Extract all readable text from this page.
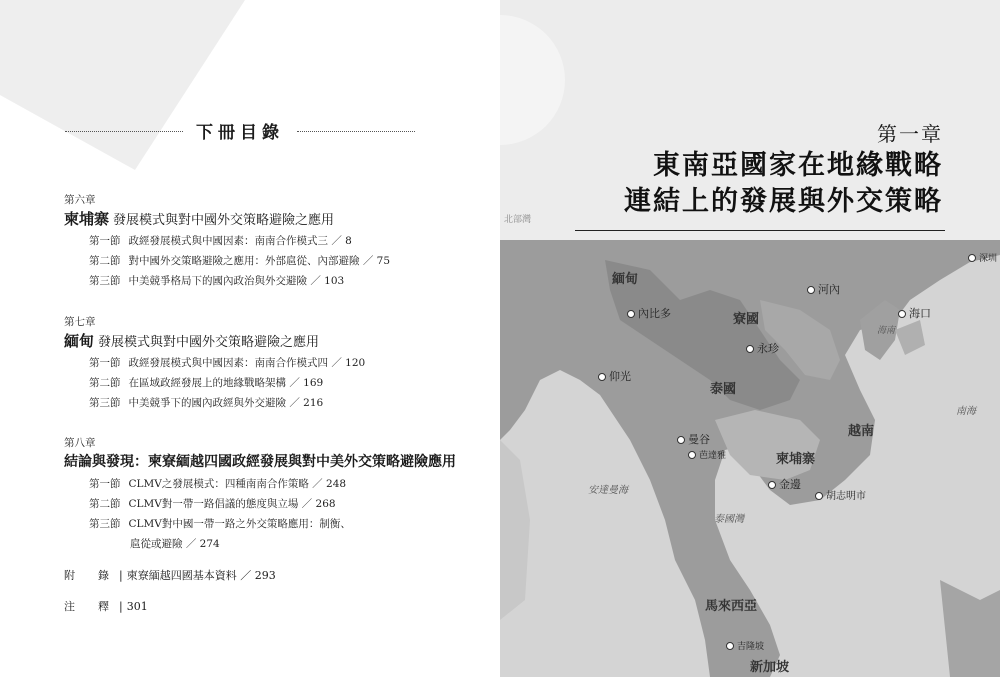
下冊目錄
第六章
柬埔寨 發展模式與對中國外交策略避險之應用
第一節 政經發展模式與中國因素：南南合作模式三 ／ 8
第二節 對中國外交策略避險之應用：外部扈從、內部避險 ／ 75
第三節 中美競爭格局下的國內政治與外交避險 ／ 103
第七章
緬甸 發展模式與對中國外交策略避險之應用
第一節 政經發展模式與中國因素：南南合作模式四 ／ 120
第二節 在區域政經發展上的地緣戰略架構 ／ 169
第三節 中美競爭下的國內政經與外交避險 ／ 216
第八章
結論與發現：柬寮緬越四國政經發展與對中美外交策略避險應用
第一節 CLMV之發展模式：四種南南合作策略 ／ 248
第二節 CLMV對一帶一路倡議的態度與立場 ／ 268
第三節 CLMV對中國一帶一路之外交策略應用：制衡、
扈從或避險 ／ 274
附　錄 | 柬寮緬越四國基本資料 ／ 293
注　釋 | 301
第一章
東南亞國家在地緣戰略
連結上的發展與外交策略
緬甸
寮國
泰國
越南
柬埔寨
馬來西亞
內比多
永珍
仰光
河內
海口
曼谷
芭達雅
金邊
胡志明市
吉隆坡
深圳
南海
海南
安達曼海
泰國灣
新加坡
北部灣
